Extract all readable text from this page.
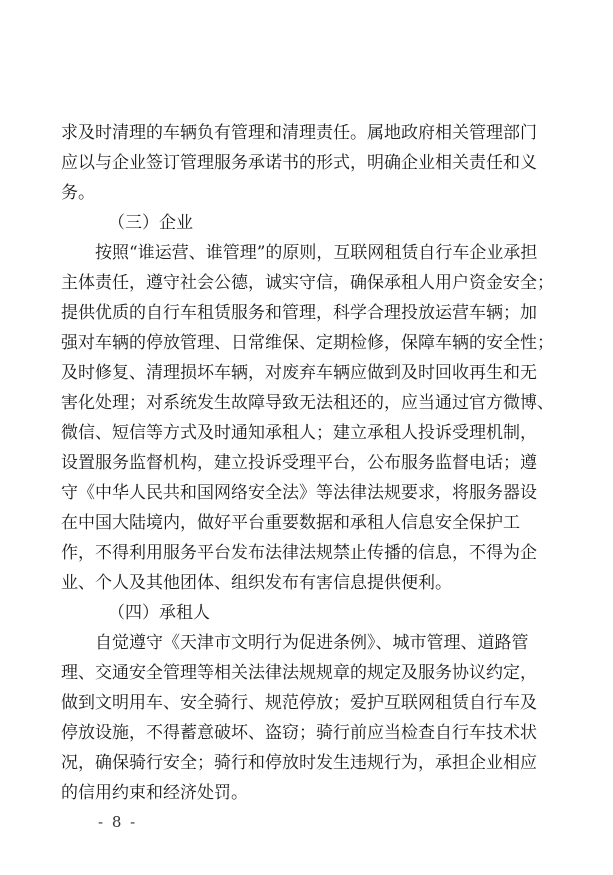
求及时清理的车辆负有管理和清理责任。属地政府相关管理部门
应以与企业签订管理服务承诺书的形式，明确企业相关责任和义
务。
（三）企业
按照“谁运营、谁管理”的原则，互联网租赁自行车企业承担
主体责任，遵守社会公德，诚实守信，确保承租人用户资金安全；
提供优质的自行车租赁服务和管理，科学合理投放运营车辆；加
强对车辆的停放管理、日常维保、定期检修，保障车辆的安全性；
及时修复、清理损坏车辆，对废弃车辆应做到及时回收再生和无
害化处理；对系统发生故障导致无法租还的，应当通过官方微博、
微信、短信等方式及时通知承租人；建立承租人投诉受理机制，
设置服务监督机构，建立投诉受理平台，公布服务监督电话；遵
守《中华人民共和国网络安全法》等法律法规要求，将服务器设
在中国大陆境内，做好平台重要数据和承租人信息安全保护工
作，不得利用服务平台发布法律法规禁止传播的信息，不得为企
业、个人及其他团体、组织发布有害信息提供便利。
（四）承租人
自觉遵守《天津市文明行为促进条例》、城市管理、道路管
理、交通安全管理等相关法律法规规章的规定及服务协议约定，
做到文明用车、安全骑行、规范停放；爱护互联网租赁自行车及
停放设施，不得蓄意破坏、盗窃；骑行前应当检查自行车技术状
况，确保骑行安全；骑行和停放时发生违规行为，承担企业相应
的信用约束和经济处罚。
- 8 -
